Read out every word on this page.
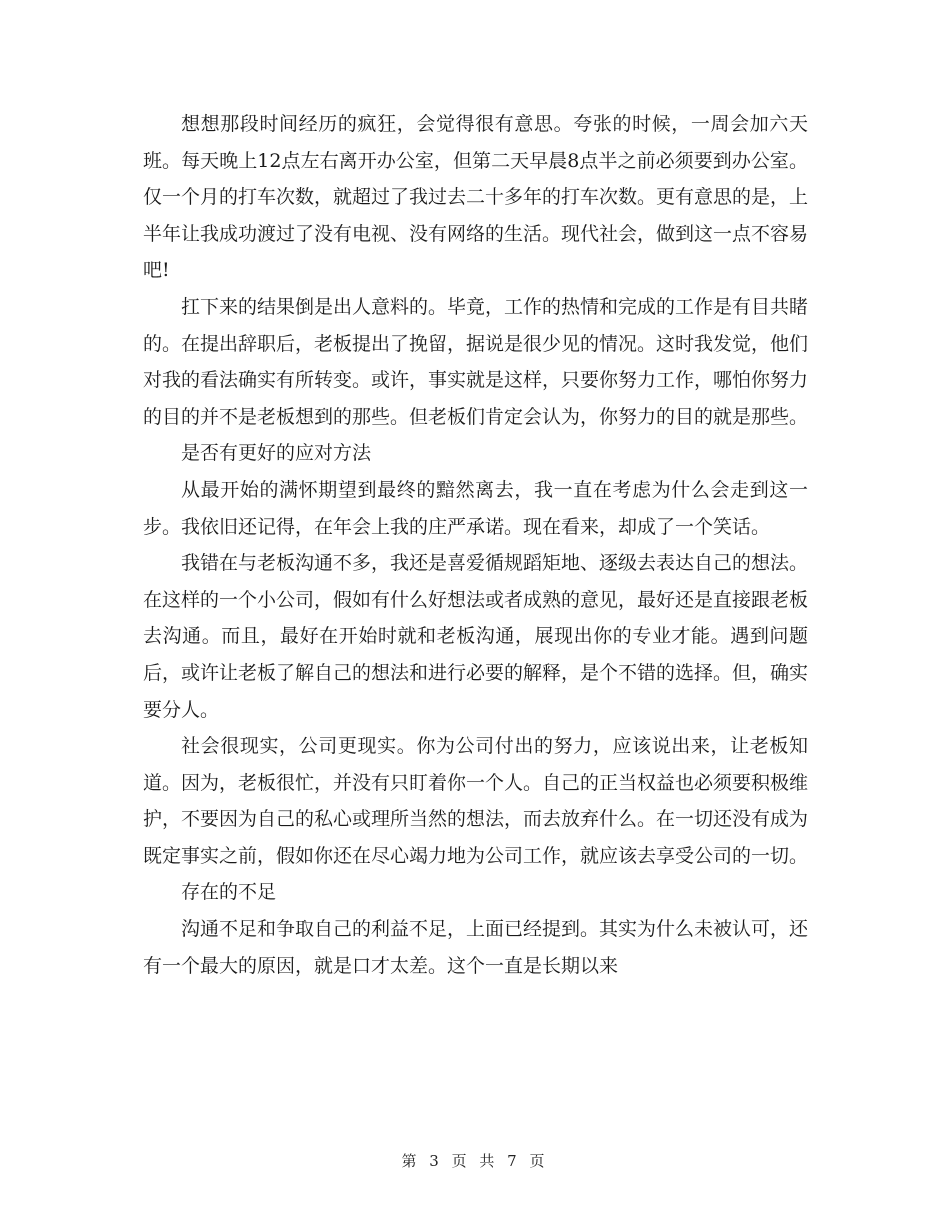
想想那段时间经历的疯狂，会觉得很有意思。夸张的时候，一周会加六天班。每天晚上12点左右离开办公室，但第二天早晨8点半之前必须要到办公室。仅一个月的打车次数，就超过了我过去二十多年的打车次数。更有意思的是，上半年让我成功渡过了没有电视、没有网络的生活。现代社会，做到这一点不容易吧!

扛下来的结果倒是出人意料的。毕竟，工作的热情和完成的工作是有目共睹的。在提出辞职后，老板提出了挽留，据说是很少见的情况。这时我发觉，他们对我的看法确实有所转变。或许，事实就是这样，只要你努力工作，哪怕你努力的目的并不是老板想到的那些。但老板们肯定会认为，你努力的目的就是那些。

是否有更好的应对方法

从最开始的满怀期望到最终的黯然离去，我一直在考虑为什么会走到这一步。我依旧还记得，在年会上我的庄严承诺。现在看来，却成了一个笑话。

我错在与老板沟通不多，我还是喜爱循规蹈矩地、逐级去表达自己的想法。在这样的一个小公司，假如有什么好想法或者成熟的意见，最好还是直接跟老板去沟通。而且，最好在开始时就和老板沟通，展现出你的专业才能。遇到问题后，或许让老板了解自己的想法和进行必要的解释，是个不错的选择。但，确实要分人。

社会很现实，公司更现实。你为公司付出的努力，应该说出来，让老板知道。因为，老板很忙，并没有只盯着你一个人。自己的正当权益也必须要积极维护，不要因为自己的私心或理所当然的想法，而去放弃什么。在一切还没有成为既定事实之前，假如你还在尽心竭力地为公司工作，就应该去享受公司的一切。

存在的不足

沟通不足和争取自己的利益不足，上面已经提到。其实为什么未被认可，还有一个最大的原因，就是口才太差。这个一直是长期以来

第 3 页 共 7 页
